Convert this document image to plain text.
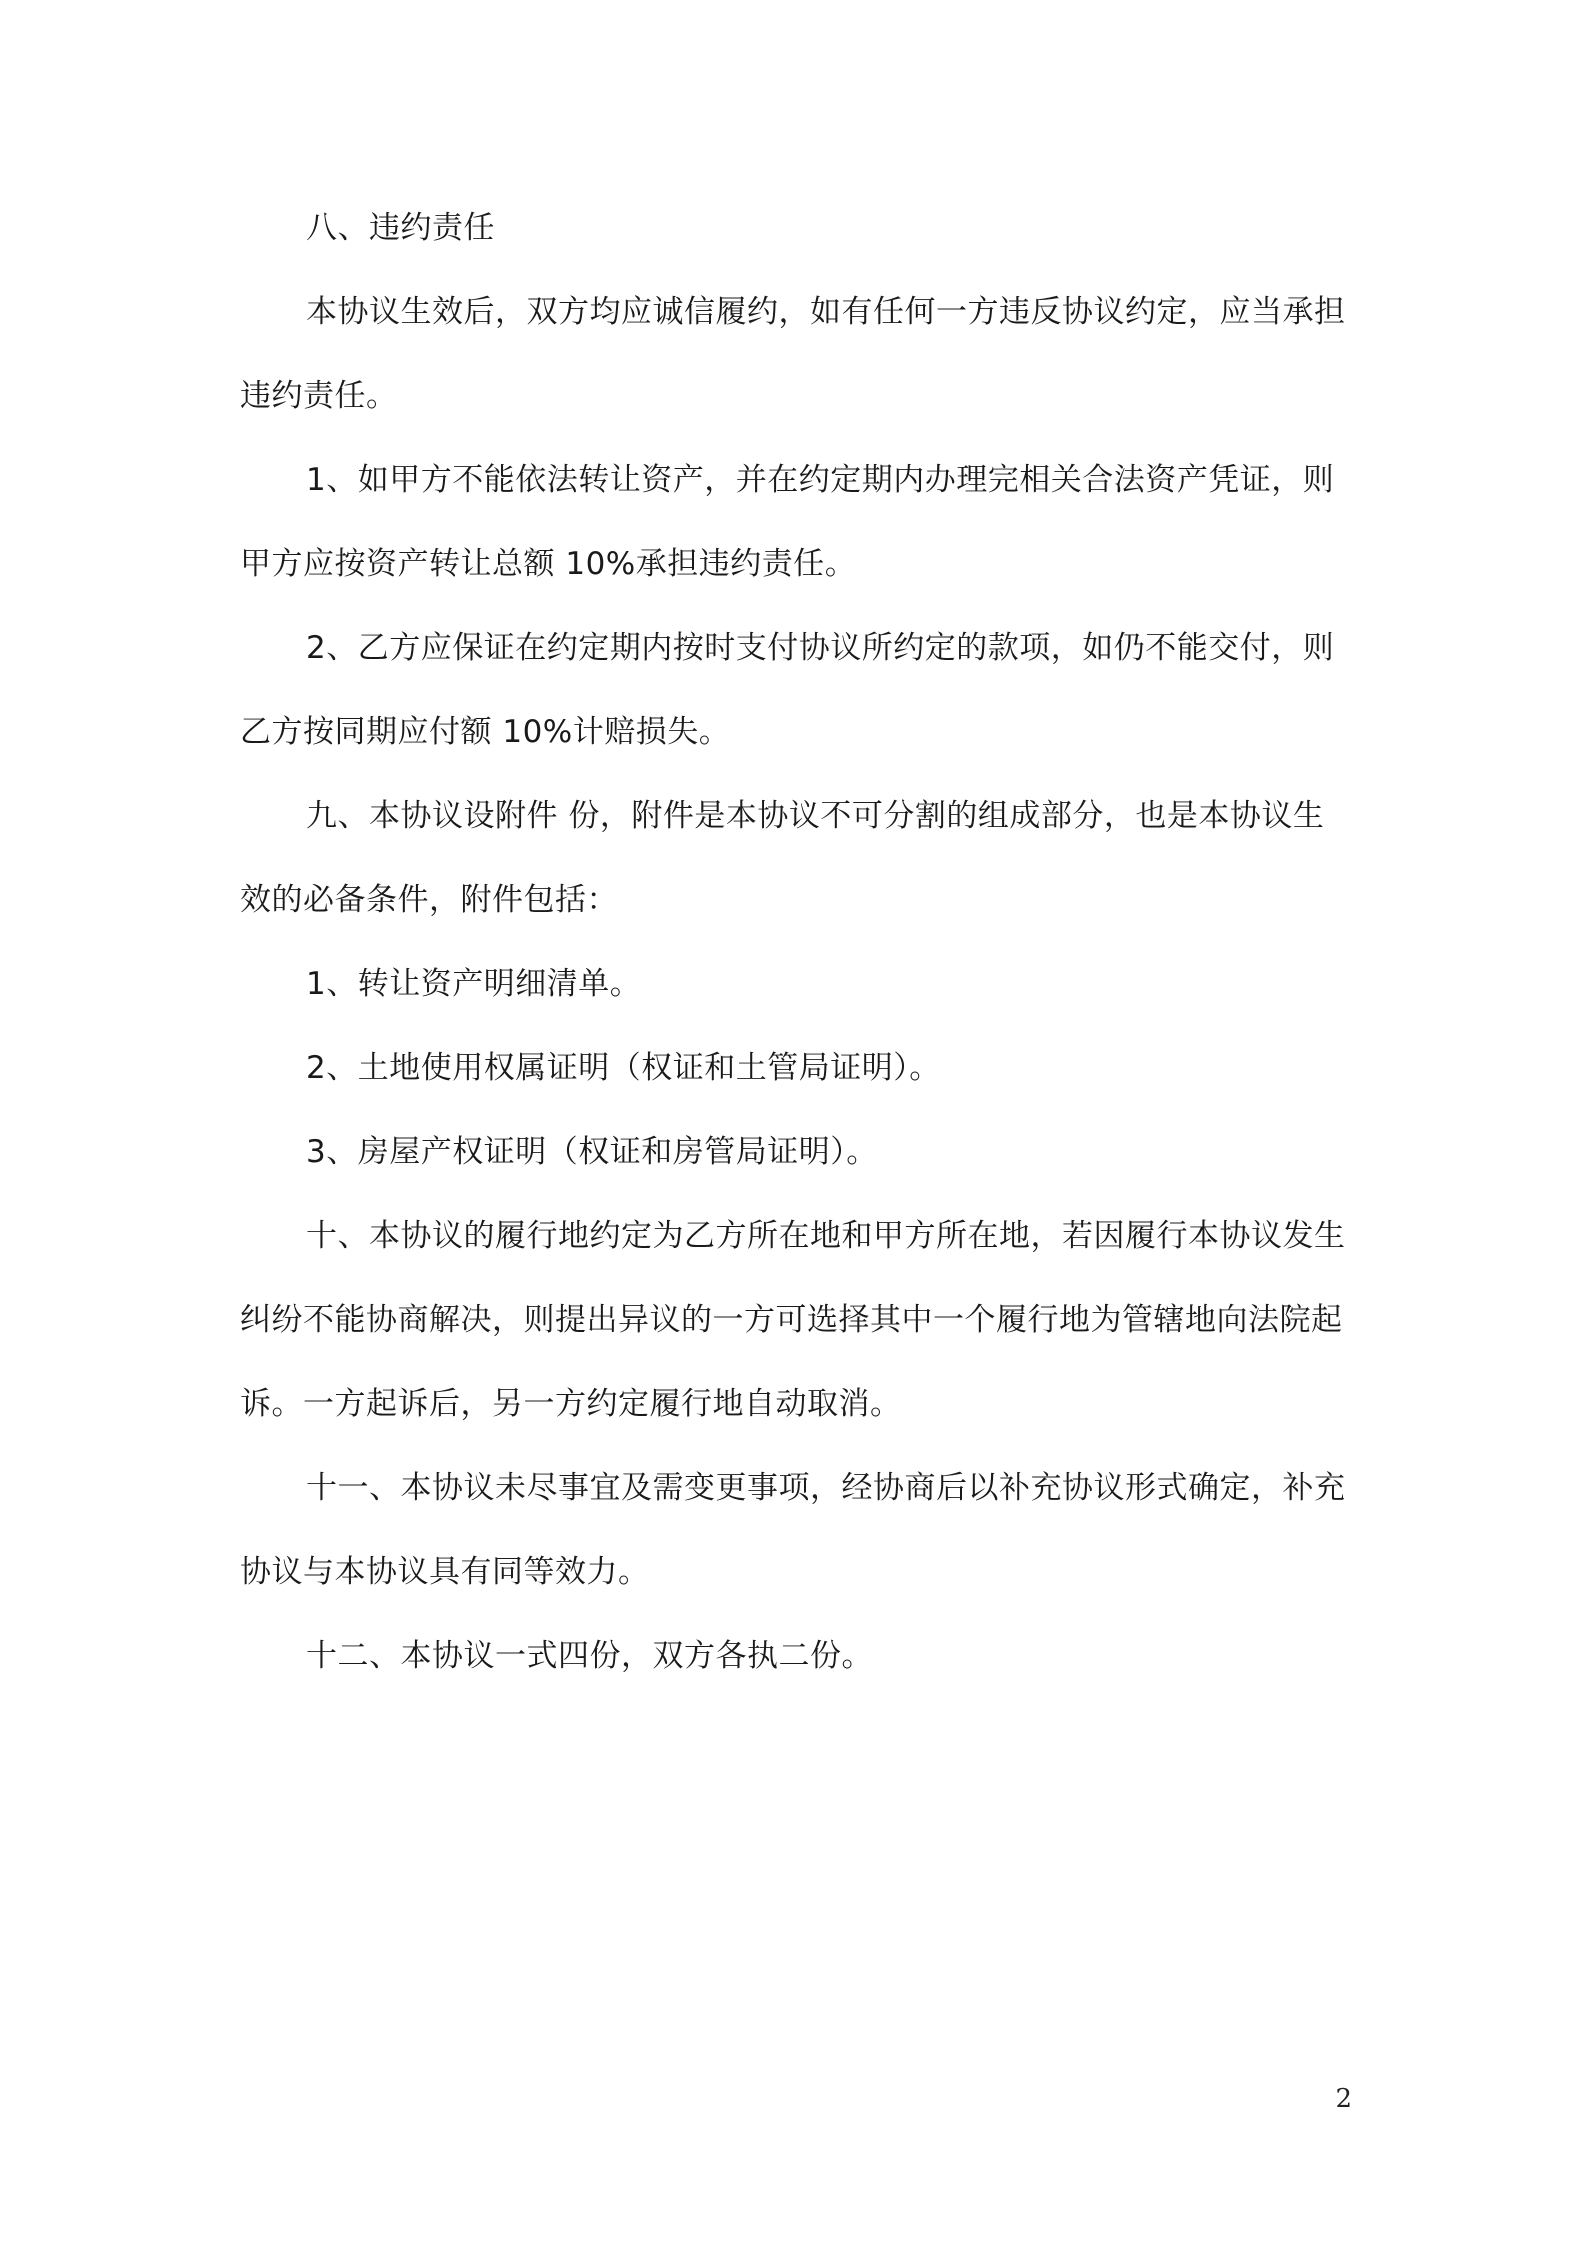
八、违约责任
本协议生效后，双方均应诚信履约，如有任何一方违反协议约定，应当承担
违约责任。
1、如甲方不能依法转让资产，并在约定期内办理完相关合法资产凭证，则
甲方应按资产转让总额 10%承担违约责任。
2、乙方应保证在约定期内按时支付协议所约定的款项，如仍不能交付，则
乙方按同期应付额 10%计赔损失。
九、本协议设附件 份，附件是本协议不可分割的组成部分，也是本协议生
效的必备条件，附件包括：
1、转让资产明细清单。
2、土地使用权属证明（权证和土管局证明）。
3、房屋产权证明（权证和房管局证明）。
十、本协议的履行地约定为乙方所在地和甲方所在地，若因履行本协议发生
纠纷不能协商解决，则提出异议的一方可选择其中一个履行地为管辖地向法院起
诉。一方起诉后，另一方约定履行地自动取消。
十一、本协议未尽事宜及需变更事项，经协商后以补充协议形式确定，补充
协议与本协议具有同等效力。
十二、本协议一式四份，双方各执二份。
2
